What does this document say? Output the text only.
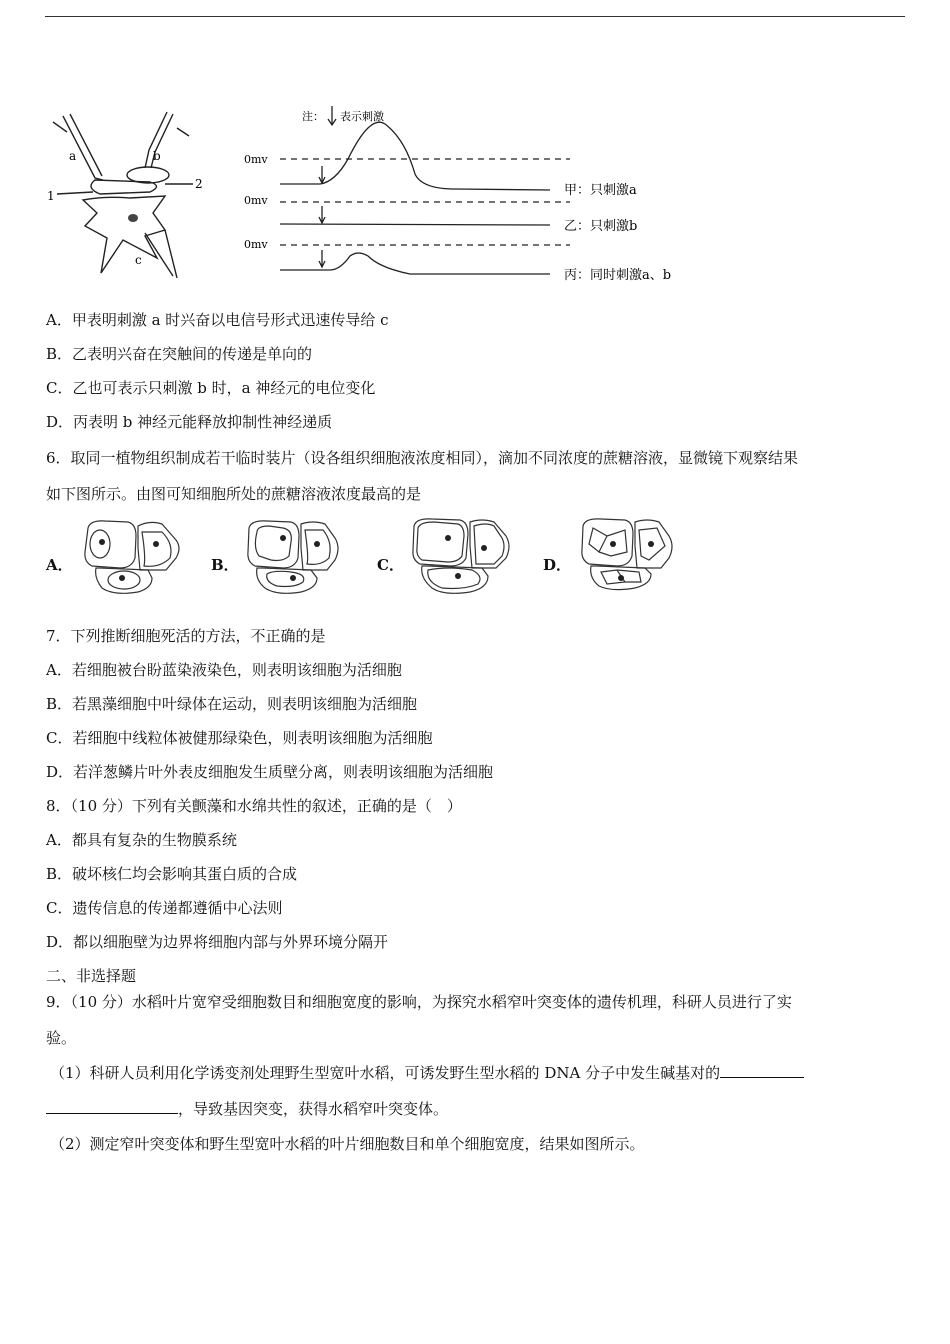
a	b
1
2
c
注： 表示刺激
0mv
0mv
0mv
甲：只刺激a
乙：只刺激b
丙：同时刺激a、b
A．甲表明刺激 a 时兴奋以电信号形式迅速传导给 c
B．乙表明兴奋在突触间的传递是单向的
C．乙也可表示只刺激 b 时，a 神经元的电位变化
D．丙表明 b 神经元能释放抑制性神经递质
6．取同一植物组织制成若干临时装片（设各组织细胞液浓度相同），滴加不同浓度的蔗糖溶液，显微镜下观察结果
如下图所示。由图可知细胞所处的蔗糖溶液浓度最高的是
A．	B．	C．	D．
7．下列推断细胞死活的方法，不正确的是
A．若细胞被台盼蓝染液染色，则表明该细胞为活细胞
B．若黑藻细胞中叶绿体在运动，则表明该细胞为活细胞
C．若细胞中线粒体被健那绿染色，则表明该细胞为活细胞
D．若洋葱鳞片叶外表皮细胞发生质壁分离，则表明该细胞为活细胞
8．（10 分）下列有关颤藻和水绵共性的叙述，正确的是（　）
A．都具有复杂的生物膜系统
B．破坏核仁均会影响其蛋白质的合成
C．遗传信息的传递都遵循中心法则
D．都以细胞壁为边界将细胞内部与外界环境分隔开
二、非选择题
9．（10 分）水稻叶片宽窄受细胞数目和细胞宽度的影响，为探究水稻窄叶突变体的遗传机理，科研人员进行了实
验。
（1）科研人员利用化学诱变剂处理野生型宽叶水稻，可诱发野生型水稻的 DNA 分子中发生碱基对的
，导致基因突变，获得水稻窄叶突变体。
（2）测定窄叶突变体和野生型宽叶水稻的叶片细胞数目和单个细胞宽度，结果如图所示。
